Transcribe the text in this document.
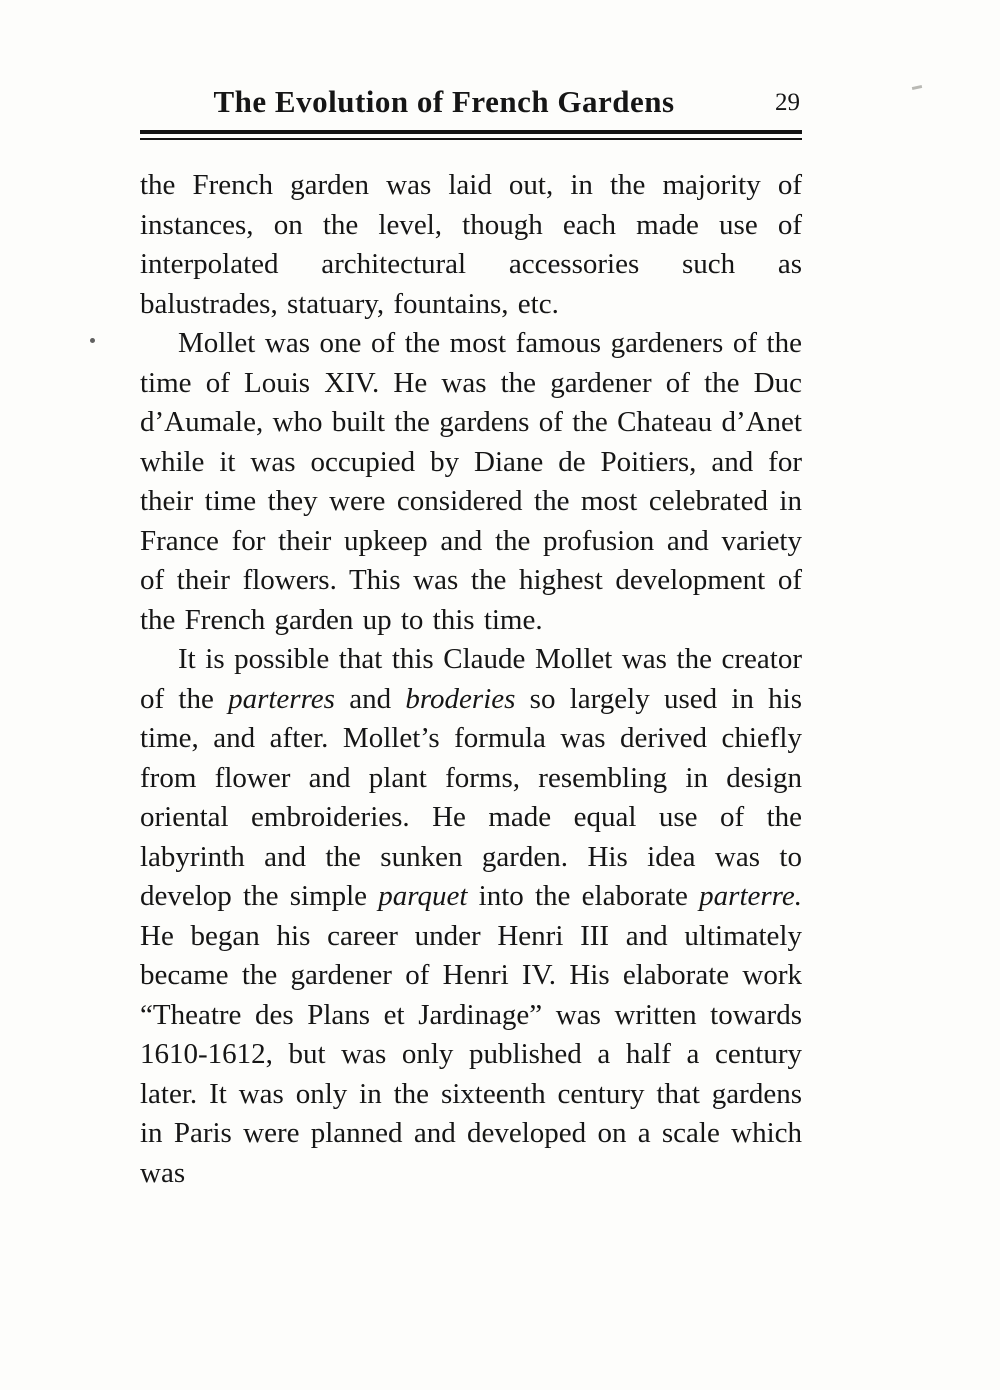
The Evolution of French Gardens	29

the French garden was laid out, in the majority of instances, on the level, though each made use of interpolated architectural accessories such as balustrades, statuary, fountains, etc.

Mollet was one of the most famous gardeners of the time of Louis XIV. He was the gardener of the Duc d’Aumale, who built the gardens of the Chateau d’Anet while it was occupied by Diane de Poitiers, and for their time they were considered the most celebrated in France for their upkeep and the profusion and variety of their flowers. This was the highest development of the French garden up to this time.

It is possible that this Claude Mollet was the creator of the parterres and broderies so largely used in his time, and after. Mollet’s formula was derived chiefly from flower and plant forms, resembling in design oriental embroideries. He made equal use of the labyrinth and the sunken garden. His idea was to develop the simple parquet into the elaborate parterre. He began his career under Henri III and ultimately became the gardener of Henri IV. His elaborate work “Theatre des Plans et Jardinage” was written towards 1610-1612, but was only published a half a century later. It was only in the sixteenth century that gardens in Paris were planned and developed on a scale which was
